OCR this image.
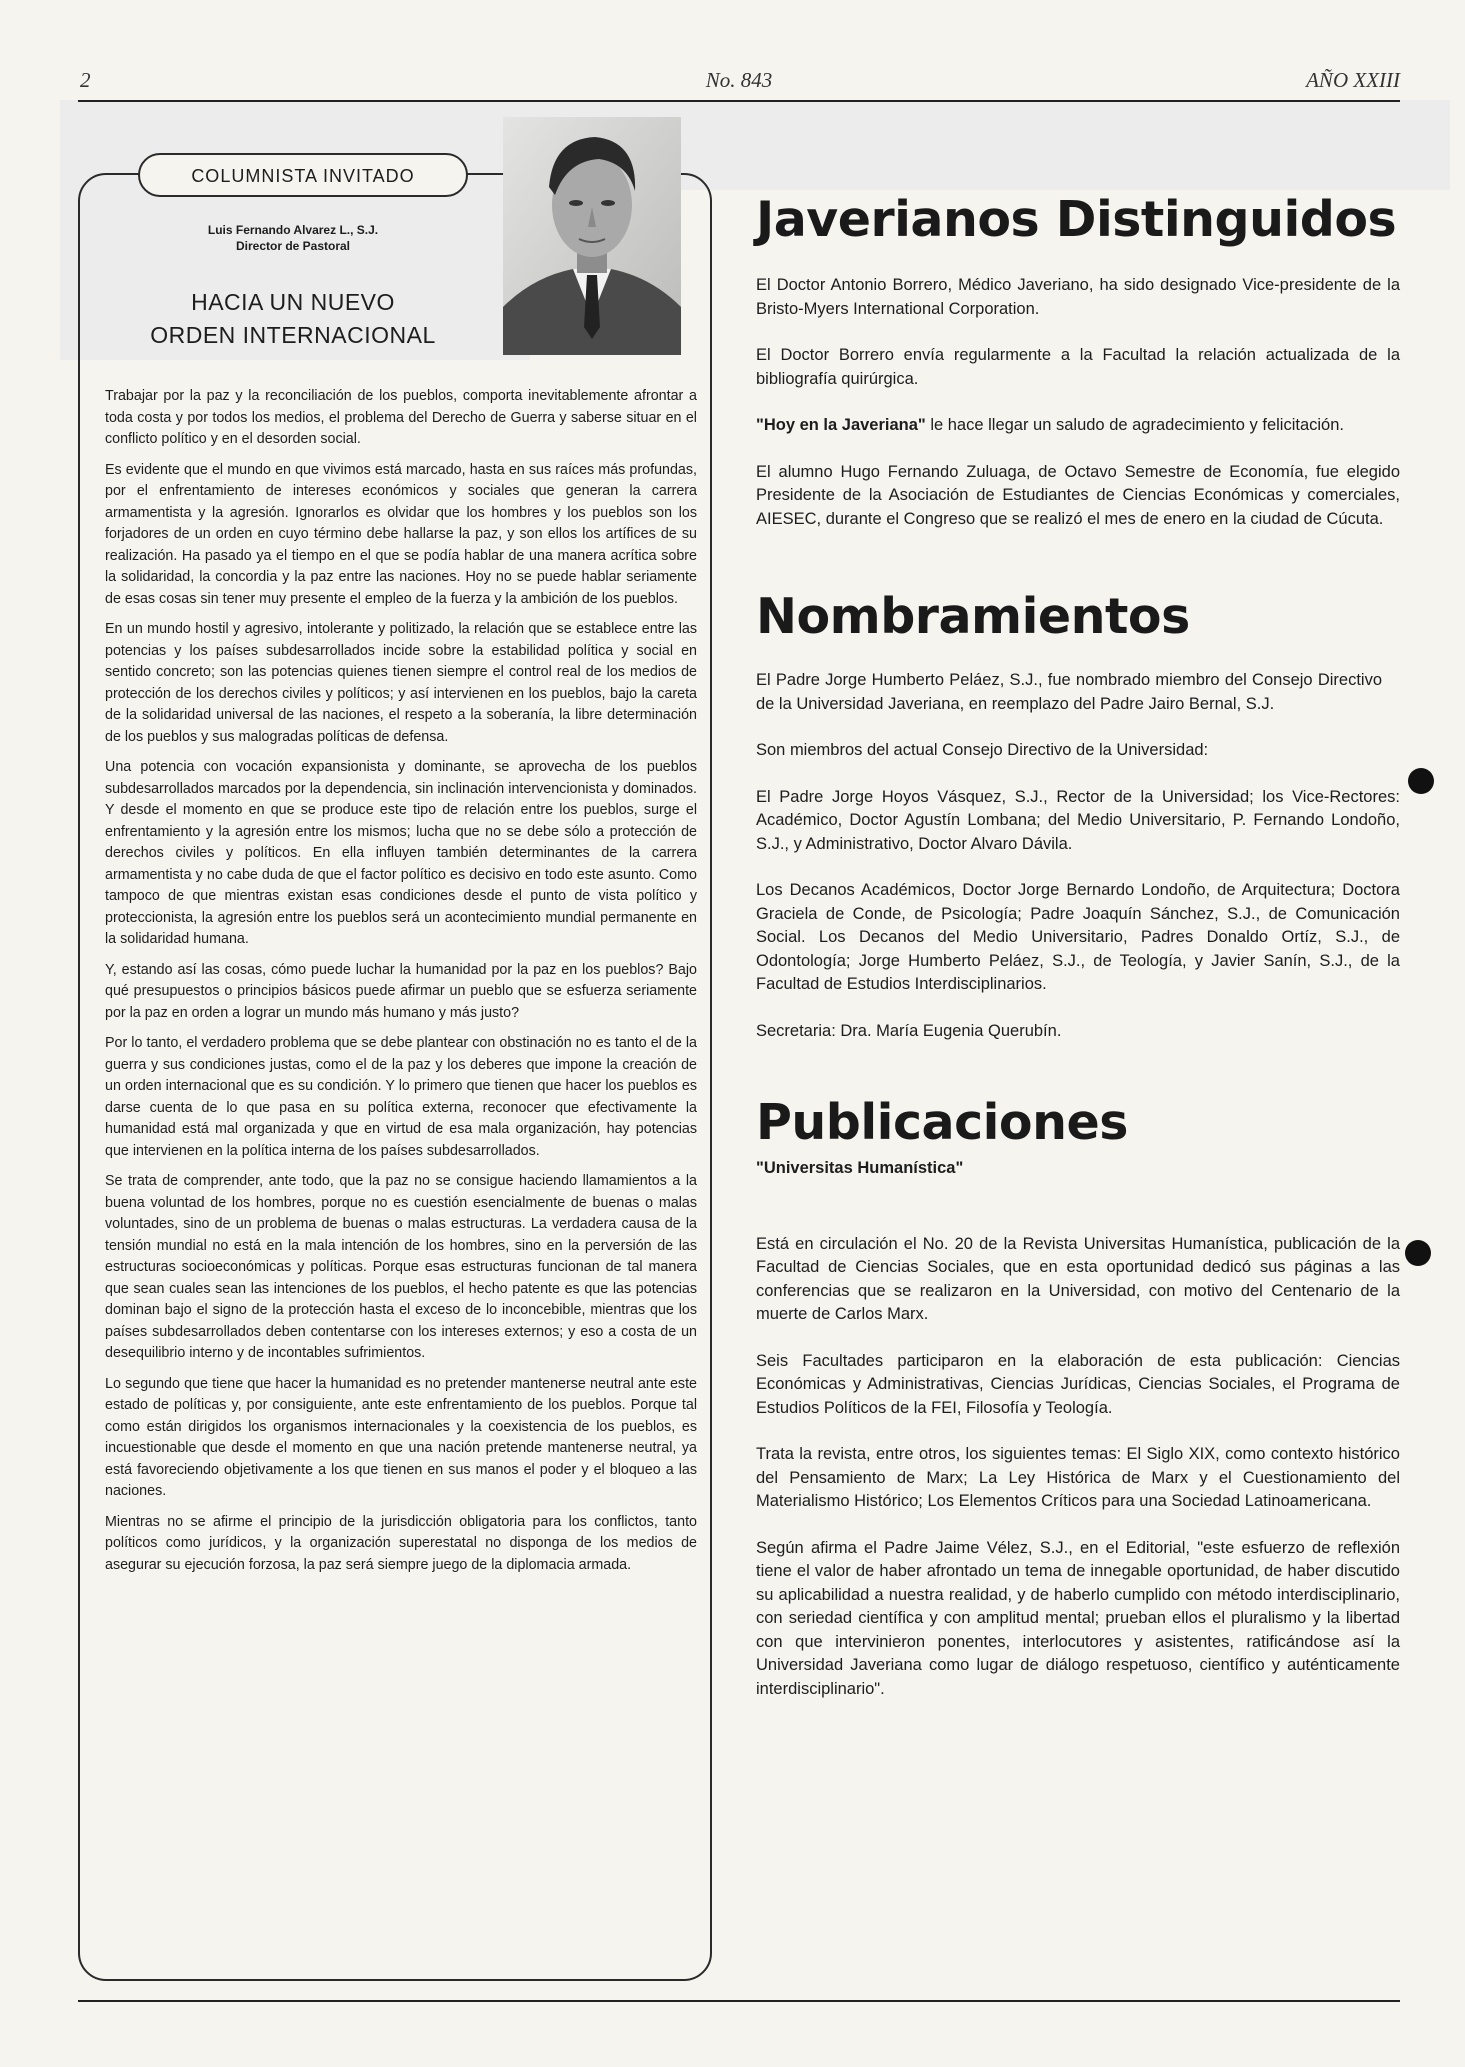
2	No. 843	AÑO XXIII
COLUMNISTA INVITADO
Luis Fernando Alvarez L., S.J.
Director de Pastoral
HACIA UN NUEVO
ORDEN INTERNACIONAL

Trabajar por la paz y la reconciliación de los pueblos, comporta inevitablemente afrontar a toda costa y por todos los medios, el problema del Derecho de Guerra y saberse situar en el conflicto político y en el desorden social.

Es evidente que el mundo en que vivimos está marcado, hasta en sus raíces más profundas, por el enfrentamiento de intereses económicos y sociales que generan la carrera armamentista y la agresión. Ignorarlos es olvidar que los hombres y los pueblos son los forjadores de un orden en cuyo término debe hallarse la paz, y son ellos los artífices de su realización. Ha pasado ya el tiempo en el que se podía hablar de una manera acrítica sobre la solidaridad, la concordia y la paz entre las naciones. Hoy no se puede hablar seriamente de esas cosas sin tener muy presente el empleo de la fuerza y la ambición de los pueblos.

En un mundo hostil y agresivo, intolerante y politizado, la relación que se establece entre las potencias y los países subdesarrollados incide sobre la estabilidad política y social en sentido concreto; son las potencias quienes tienen siempre el control real de los medios de protección de los derechos civiles y políticos; y así intervienen en los pueblos, bajo la careta de la solidaridad universal de las naciones, el respeto a la soberanía, la libre determinación de los pueblos y sus malogradas políticas de defensa.

Una potencia con vocación expansionista y dominante, se aprovecha de los pueblos subdesarrollados marcados por la dependencia, sin inclinación intervencionista y dominados. Y desde el momento en que se produce este tipo de relación entre los pueblos, surge el enfrentamiento y la agresión entre los mismos; lucha que no se debe sólo a protección de derechos civiles y políticos. En ella influyen también determinantes de la carrera armamentista y no cabe duda de que el factor político es decisivo en todo este asunto. Como tampoco de que mientras existan esas condiciones desde el punto de vista político y proteccionista, la agresión entre los pueblos será un acontecimiento mundial permanente en la solidaridad humana.

Y, estando así las cosas, cómo puede luchar la humanidad por la paz en los pueblos? Bajo qué presupuestos o principios básicos puede afirmar un pueblo que se esfuerza seriamente por la paz en orden a lograr un mundo más humano y más justo?

Por lo tanto, el verdadero problema que se debe plantear con obstinación no es tanto el de la guerra y sus condiciones justas, como el de la paz y los deberes que impone la creación de un orden internacional que es su condición. Y lo primero que tienen que hacer los pueblos es darse cuenta de lo que pasa en su política externa, reconocer que efectivamente la humanidad está mal organizada y que en virtud de esa mala organización, hay potencias que intervienen en la política interna de los países subdesarrollados.

Se trata de comprender, ante todo, que la paz no se consigue haciendo llamamientos a la buena voluntad de los hombres, porque no es cuestión esencialmente de buenas o malas voluntades, sino de un problema de buenas o malas estructuras. La verdadera causa de la tensión mundial no está en la mala intención de los hombres, sino en la perversión de las estructuras socioeconómicas y políticas. Porque esas estructuras funcionan de tal manera que sean cuales sean las intenciones de los pueblos, el hecho patente es que las potencias dominan bajo el signo de la protección hasta el exceso de lo inconcebible, mientras que los países subdesarrollados deben contentarse con los intereses externos; y eso a costa de un desequilibrio interno y de incontables sufrimientos.

Lo segundo que tiene que hacer la humanidad es no pretender mantenerse neutral ante este estado de políticas y, por consiguiente, ante este enfrentamiento de los pueblos. Porque tal como están dirigidos los organismos internacionales y la coexistencia de los pueblos, es incuestionable que desde el momento en que una nación pretende mantenerse neutral, ya está favoreciendo objetivamente a los que tienen en sus manos el poder y el bloqueo a las naciones.

Mientras no se afirme el principio de la jurisdicción obligatoria para los conflictos, tanto políticos como jurídicos, y la organización superestatal no disponga de los medios de asegurar su ejecución forzosa, la paz será siempre juego de la diplomacia armada.

Javerianos Distinguidos

El Doctor Antonio Borrero, Médico Javeriano, ha sido designado Vice-presidente de la Bristo-Myers International Corporation.

El Doctor Borrero envía regularmente a la Facultad la relación actualizada de la bibliografía quirúrgica.

"Hoy en la Javeriana" le hace llegar un saludo de agradecimiento y felicitación.

El alumno Hugo Fernando Zuluaga, de Octavo Semestre de Economía, fue elegido Presidente de la Asociación de Estudiantes de Ciencias Económicas y comerciales, AIESEC, durante el Congreso que se realizó el mes de enero en la ciudad de Cúcuta.

Nombramientos

El Padre Jorge Humberto Peláez, S.J., fue nombrado miembro del Consejo Directivo de la Universidad Javeriana, en reemplazo del Padre Jairo Bernal, S.J.

Son miembros del actual Consejo Directivo de la Universidad:

El Padre Jorge Hoyos Vásquez, S.J., Rector de la Universidad; los Vice-Rectores: Académico, Doctor Agustín Lombana; del Medio Universitario, P. Fernando Londoño, S.J., y Administrativo, Doctor Alvaro Dávila.

Los Decanos Académicos, Doctor Jorge Bernardo Londoño, de Arquitectura; Doctora Graciela de Conde, de Psicología; Padre Joaquín Sánchez, S.J., de Comunicación Social. Los Decanos del Medio Universitario, Padres Donaldo Ortíz, S.J., de Odontología; Jorge Humberto Peláez, S.J., de Teología, y Javier Sanín, S.J., de la Facultad de Estudios Interdisciplinarios.

Secretaria: Dra. María Eugenia Querubín.

Publicaciones

"Universitas Humanística"

Está en circulación el No. 20 de la Revista Universitas Humanística, publicación de la Facultad de Ciencias Sociales, que en esta oportunidad dedicó sus páginas a las conferencias que se realizaron en la Universidad, con motivo del Centenario de la muerte de Carlos Marx.

Seis Facultades participaron en la elaboración de esta publicación: Ciencias Económicas y Administrativas, Ciencias Jurídicas, Ciencias Sociales, el Programa de Estudios Políticos de la FEI, Filosofía y Teología.

Trata la revista, entre otros, los siguientes temas: El Siglo XIX, como contexto histórico del Pensamiento de Marx; La Ley Histórica de Marx y el Cuestionamiento del Materialismo Histórico; Los Elementos Críticos para una Sociedad Latinoamericana.

Según afirma el Padre Jaime Vélez, S.J., en el Editorial, "este esfuerzo de reflexión tiene el valor de haber afrontado un tema de innegable oportunidad, de haber discutido su aplicabilidad a nuestra realidad, y de haberlo cumplido con método interdisciplinario, con seriedad científica y con amplitud mental; prueban ellos el pluralismo y la libertad con que intervinieron ponentes, interlocutores y asistentes, ratificándose así la Universidad Javeriana como lugar de diálogo respetuoso, científico y auténticamente interdisciplinario".
